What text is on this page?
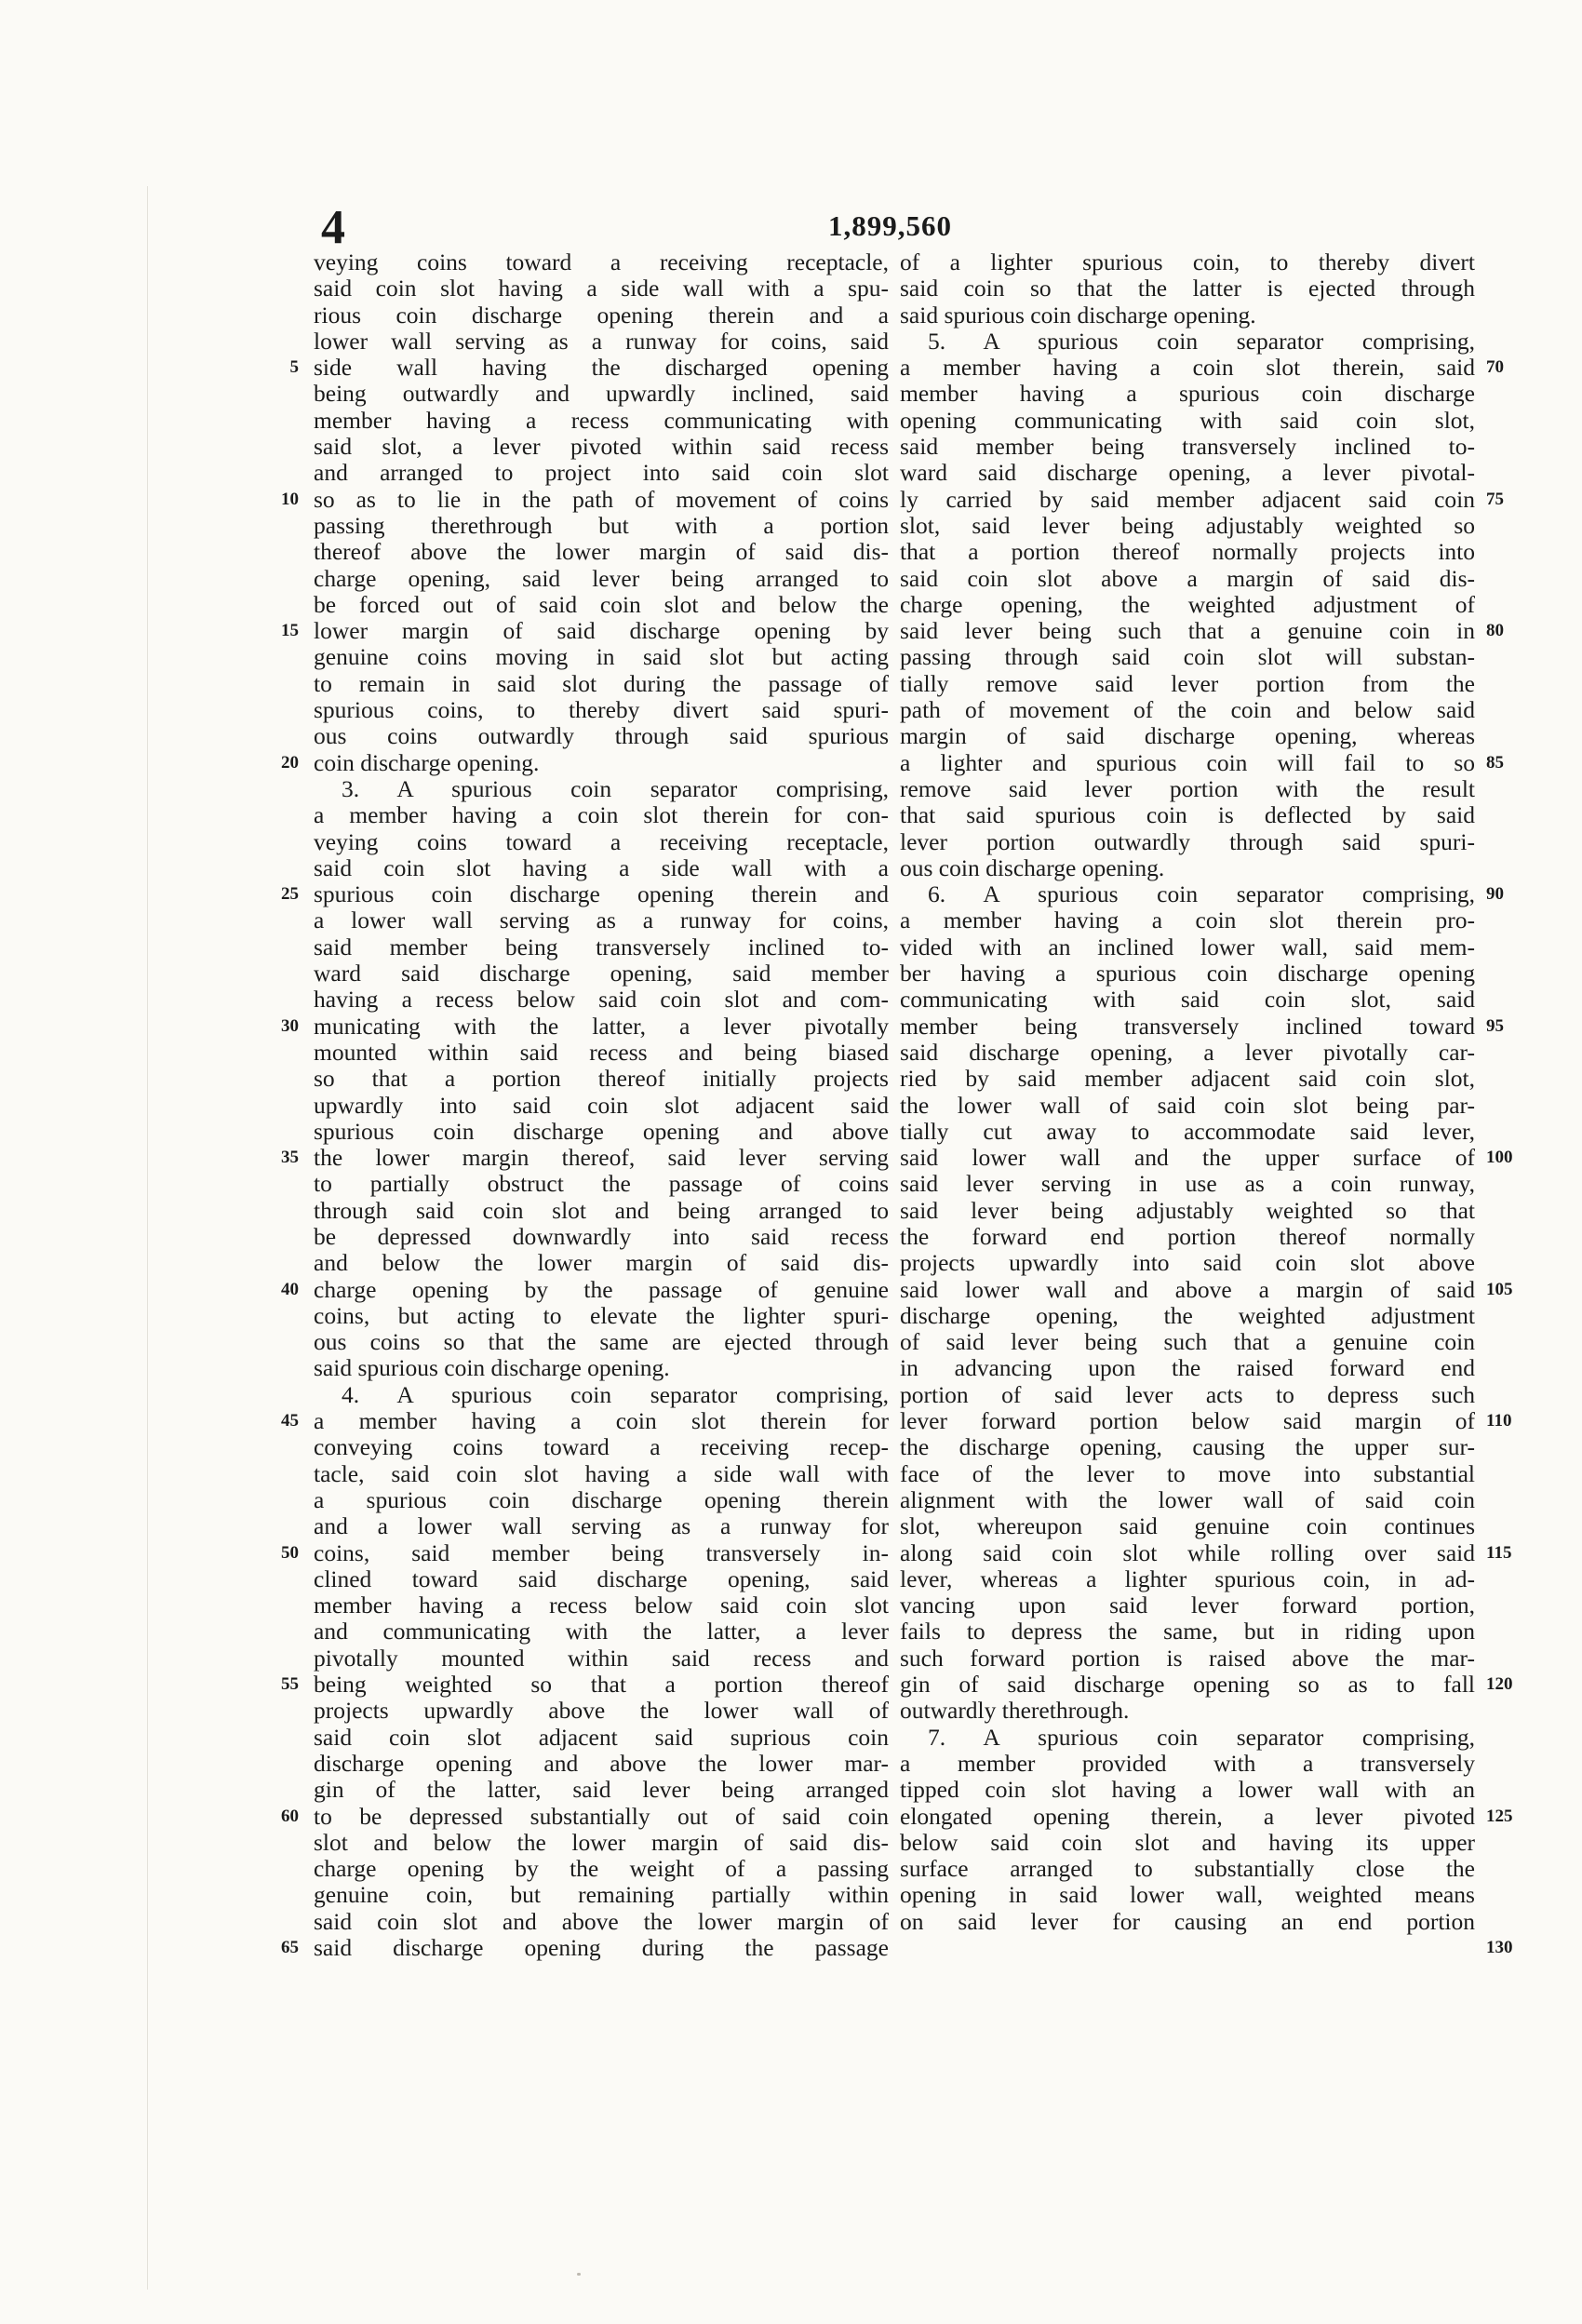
4	1,899,560
veying coins toward a receiving receptacle,
said coin slot having a side wall with a spu-
rious coin discharge opening therein and a
lower wall serving as a runway for coins, said
side wall having the discharged opening
being outwardly and upwardly inclined, said
member having a recess communicating with
said slot, a lever pivoted within said recess
and arranged to project into said coin slot
so as to lie in the path of movement of coins
passing therethrough but with a portion
thereof above the lower margin of said dis-
charge opening, said lever being arranged to
be forced out of said coin slot and below the
lower margin of said discharge opening by
genuine coins moving in said slot but acting
to remain in said slot during the passage of
spurious coins, to thereby divert said spuri-
ous coins outwardly through said spurious
coin discharge opening.
3. A spurious coin separator comprising,
a member having a coin slot therein for con-
veying coins toward a receiving receptacle,
said coin slot having a side wall with a
spurious coin discharge opening therein and
a lower wall serving as a runway for coins,
said member being transversely inclined to-
ward said discharge opening, said member
having a recess below said coin slot and com-
municating with the latter, a lever pivotally
mounted within said recess and being biased
so that a portion thereof initially projects
upwardly into said coin slot adjacent said
spurious coin discharge opening and above
the lower margin thereof, said lever serving
to partially obstruct the passage of coins
through said coin slot and being arranged to
be depressed downwardly into said recess
and below the lower margin of said dis-
charge opening by the passage of genuine
coins, but acting to elevate the lighter spuri-
ous coins so that the same are ejected through
said spurious coin discharge opening.
4. A spurious coin separator comprising,
a member having a coin slot therein for
conveying coins toward a receiving recep-
tacle, said coin slot having a side wall with
a spurious coin discharge opening therein
and a lower wall serving as a runway for
coins, said member being transversely in-
clined toward said discharge opening, said
member having a recess below said coin slot
and communicating with the latter, a lever
pivotally mounted within said recess and
being weighted so that a portion thereof
projects upwardly above the lower wall of
said coin slot adjacent said suprious coin
discharge opening and above the lower mar-
gin of the latter, said lever being arranged
to be depressed substantially out of said coin
slot and below the lower margin of said dis-
charge opening by the weight of a passing
genuine coin, but remaining partially within
said coin slot and above the lower margin of
said discharge opening during the passage
of a lighter spurious coin, to thereby divert
said coin so that the latter is ejected through
said spurious coin discharge opening.
5. A spurious coin separator comprising,
a member having a coin slot therein, said
member having a spurious coin discharge
opening communicating with said coin slot,
said member being transversely inclined to-
ward said discharge opening, a lever pivotal-
ly carried by said member adjacent said coin
slot, said lever being adjustably weighted so
that a portion thereof normally projects into
said coin slot above a margin of said dis-
charge opening, the weighted adjustment of
said lever being such that a genuine coin in
passing through said coin slot will substan-
tially remove said lever portion from the
path of movement of the coin and below said
margin of said discharge opening, whereas
a lighter and spurious coin will fail to so
remove said lever portion with the result
that said spurious coin is deflected by said
lever portion outwardly through said spuri-
ous coin discharge opening.
6. A spurious coin separator comprising,
a member having a coin slot therein pro-
vided with an inclined lower wall, said mem-
ber having a spurious coin discharge opening
communicating with said coin slot, said
member being transversely inclined toward
said discharge opening, a lever pivotally car-
ried by said member adjacent said coin slot,
the lower wall of said coin slot being par-
tially cut away to accommodate said lever,
said lower wall and the upper surface of
said lever serving in use as a coin runway,
said lever being adjustably weighted so that
the forward end portion thereof normally
projects upwardly into said coin slot above
said lower wall and above a margin of said
discharge opening, the weighted adjustment
of said lever being such that a genuine coin
in advancing upon the raised forward end
portion of said lever acts to depress such
lever forward portion below said margin of
the discharge opening, causing the upper sur-
face of the lever to move into substantial
alignment with the lower wall of said coin
slot, whereupon said genuine coin continues
along said coin slot while rolling over said
lever, whereas a lighter spurious coin, in ad-
vancing upon said lever forward portion,
fails to depress the same, but in riding upon
such forward portion is raised above the mar-
gin of said discharge opening so as to fall
outwardly therethrough.
7. A spurious coin separator comprising,
a member provided with a transversely
tipped coin slot having a lower wall with an
elongated opening therein, a lever pivoted
below said coin slot and having its upper
surface arranged to substantially close the
opening in said lower wall, weighted means
on said lever for causing an end portion
5
10
15
20
25
30
35
40
45
50
55
60
65
70
75
80
85
90
95
100
105
110
115
120
125
130
